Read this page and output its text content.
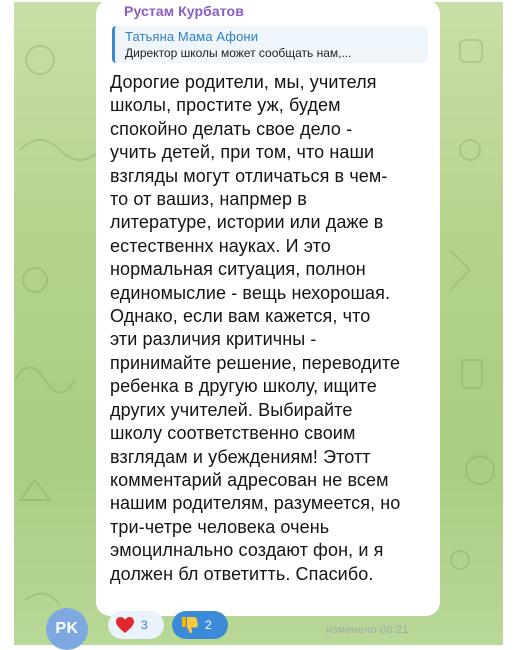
Рустам Курбатов
Татьяна Мама Афони
Директор школы может сообщать нам,...
Дорогие родители, мы, учителя
школы, простите уж, будем
спокойно делать свое дело -
учить детей, при том, что наши
взгляды могут отличаться в чем-
то от вашиз, напрмер в
литературе, истории или даже в
естественнх науках. И это
нормальная ситуация, полнон
единомыслие - вещь нехорошая.
Однако, если вам кажется, что
эти различия критичны -
принимайте решение, переводите
ребенка в другую школу, ищите
других учителей. Выбирайте
школу соответственно своим
взглядам и убеждениям! Этотт
комментарий адресован не всем
нашим родителям, разумеется, но
три-четре человека очень
эмоцилнально создают фон, и я
должен бл ответитть. Спасибо.
PK	3	2	изменено 08:21
